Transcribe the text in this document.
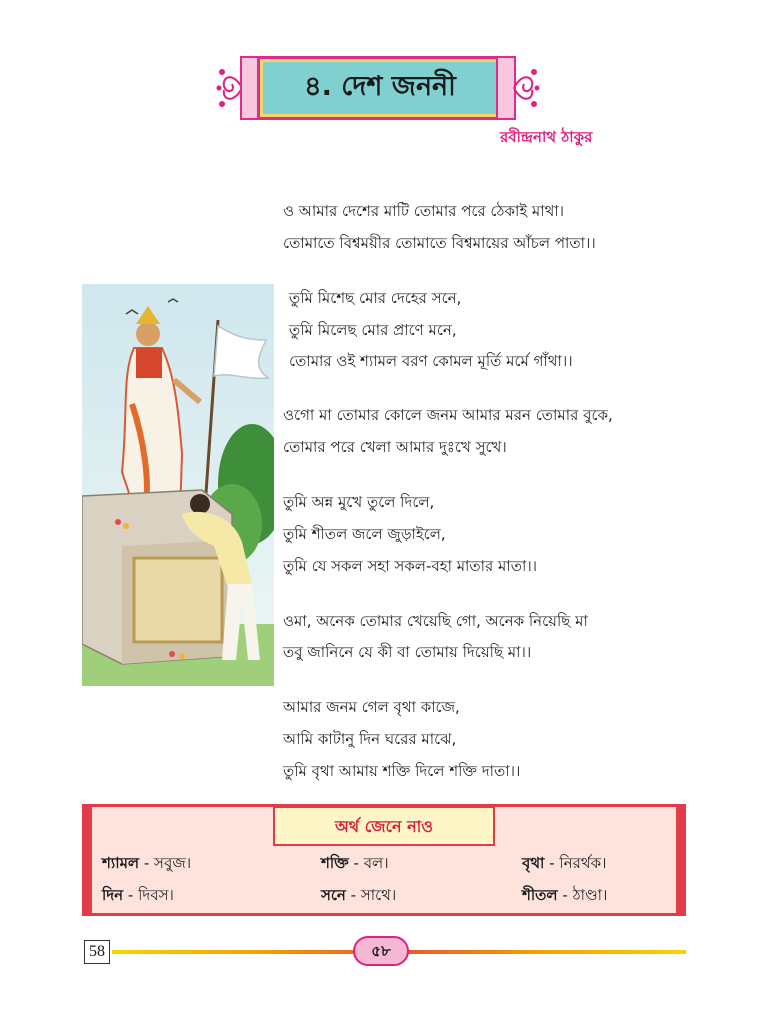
৪. দেশ জননী
রবীন্দ্রনাথ ঠাকুর
ও আমার দেশের মাটি তোমার পরে ঠেকাই মাথা।
তোমাতে বিশ্বময়ীর তোমাতে বিশ্বমায়ের আঁচল পাতা।।
তুমি মিশেছ মোর দেহের সনে,
তুমি মিলেছ মোর প্রাণে মনে,
তোমার ওই শ্যামল বরণ কোমল মূর্তি মর্মে গাঁথা।।
ওগো মা তোমার কোলে জনম আমার মরন তোমার বুকে,
তোমার পরে খেলা আমার দুঃখে সুখে।
তুমি অন্ন মুখে তুলে দিলে,
তুমি শীতল জলে জুড়াইলে,
তুমি যে সকল সহা সকল-বহা মাতার মাতা।।
ওমা, অনেক তোমার খেয়েছি গো, অনেক নিয়েছি মা
তবু জানিনে যে কী বা তোমায় দিয়েছি মা।।
আমার জনম গেল বৃথা কাজে,
আমি কাটানু দিন ঘরের মাঝে,
তুমি বৃথা আমায় শক্তি দিলে শক্তি দাতা।।
অর্থ জেনে নাও
শ্যামল - সবুজ।	শক্তি - বল।	বৃথা - নিরর্থক।
দিন - দিবস।	সনে - সাথে।	শীতল - ঠাণ্ডা।
58	৫৮
